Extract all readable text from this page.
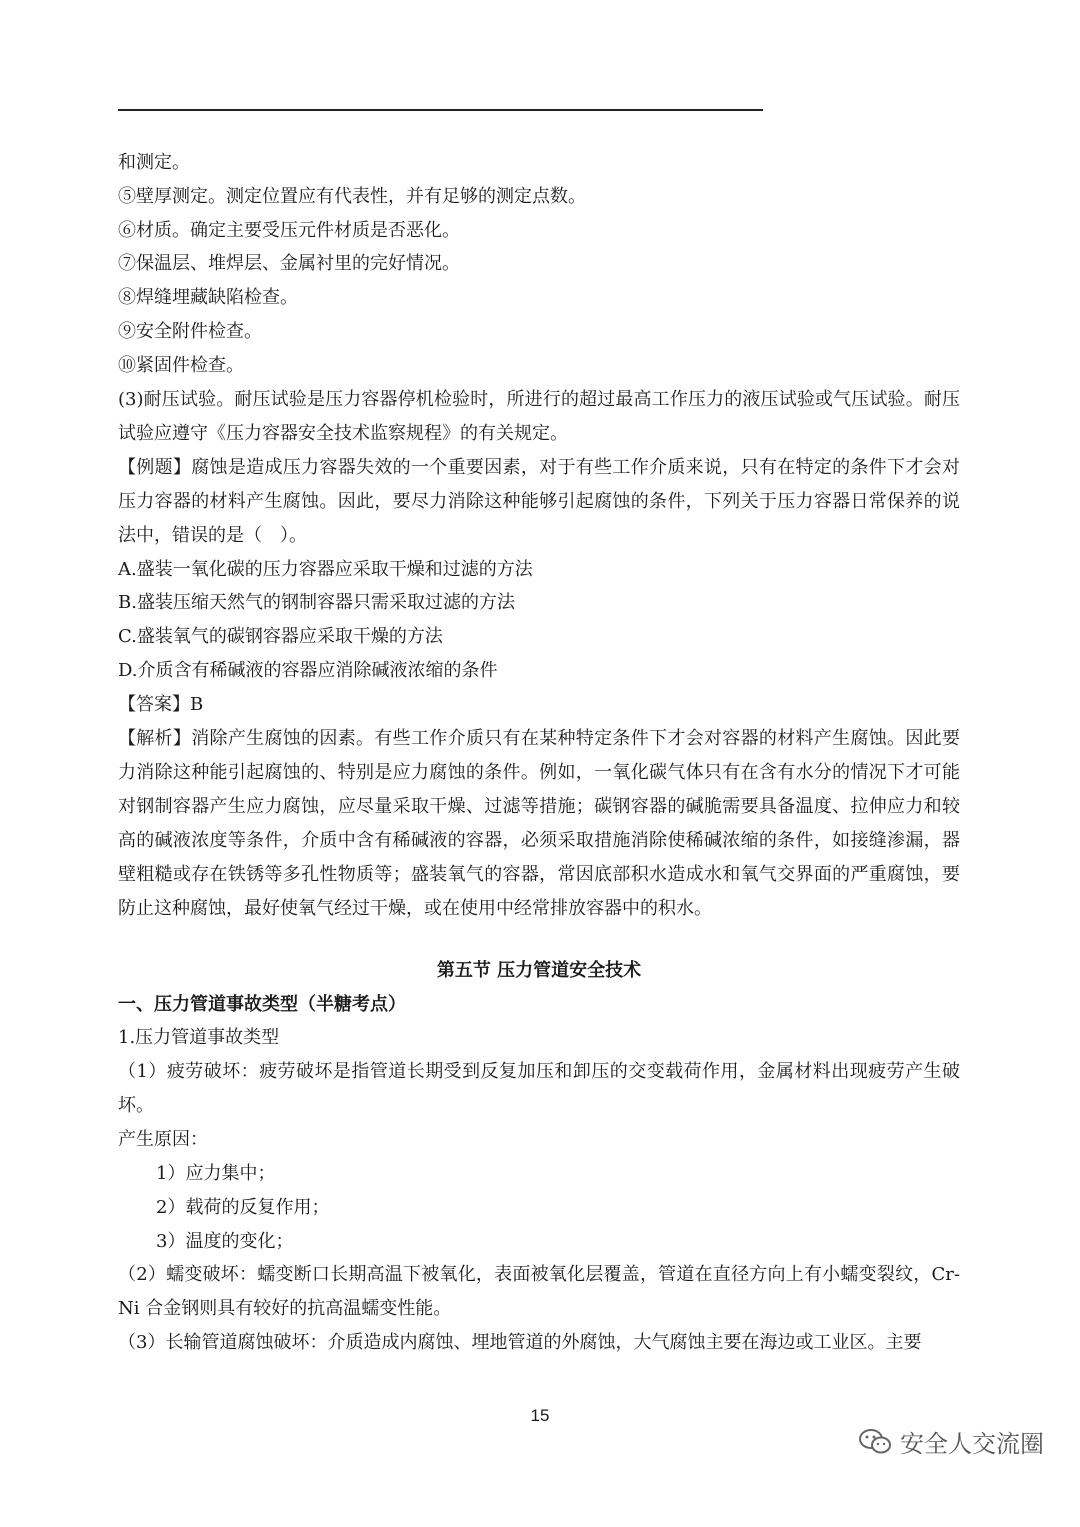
和测定。
⑤壁厚测定。测定位置应有代表性，并有足够的测定点数。
⑥材质。确定主要受压元件材质是否恶化。
⑦保温层、堆焊层、金属衬里的完好情况。
⑧焊缝埋藏缺陷检查。
⑨安全附件检查。
⑩紧固件检查。
(3)耐压试验。耐压试验是压力容器停机检验时，所进行的超过最高工作压力的液压试验或气压试验。耐压试验应遵守《压力容器安全技术监察规程》的有关规定。
【例题】腐蚀是造成压力容器失效的一个重要因素，对于有些工作介质来说，只有在特定的条件下才会对压力容器的材料产生腐蚀。因此，要尽力消除这种能够引起腐蚀的条件，下列关于压力容器日常保养的说法中，错误的是（　）。
A.盛装一氧化碳的压力容器应采取干燥和过滤的方法
B.盛装压缩天然气的钢制容器只需采取过滤的方法
C.盛装氧气的碳钢容器应采取干燥的方法
D.介质含有稀碱液的容器应消除碱液浓缩的条件
【答案】B
【解析】消除产生腐蚀的因素。有些工作介质只有在某种特定条件下才会对容器的材料产生腐蚀。因此要力消除这种能引起腐蚀的、特别是应力腐蚀的条件。例如，一氧化碳气体只有在含有水分的情况下才可能对钢制容器产生应力腐蚀，应尽量采取干燥、过滤等措施；碳钢容器的碱脆需要具备温度、拉伸应力和较高的碱液浓度等条件，介质中含有稀碱液的容器，必须采取措施消除使稀碱浓缩的条件，如接缝渗漏，器壁粗糙或存在铁锈等多孔性物质等；盛装氧气的容器，常因底部积水造成水和氧气交界面的严重腐蚀，要防止这种腐蚀，最好使氧气经过干燥，或在使用中经常排放容器中的积水。
第五节 压力管道安全技术
一、压力管道事故类型（半糖考点）
1.压力管道事故类型
（1）疲劳破坏：疲劳破坏是指管道长期受到反复加压和卸压的交变载荷作用，金属材料出现疲劳产生破坏。
产生原因：
1）应力集中；
2）载荷的反复作用；
3）温度的变化；
（2）蠕变破坏：蠕变断口长期高温下被氧化，表面被氧化层覆盖，管道在直径方向上有小蠕变裂纹，Cr-Ni 合金钢则具有较好的抗高温蠕变性能。
（3）长输管道腐蚀破坏：介质造成内腐蚀、埋地管道的外腐蚀，大气腐蚀主要在海边或工业区。主要
15
安全人交流圈
